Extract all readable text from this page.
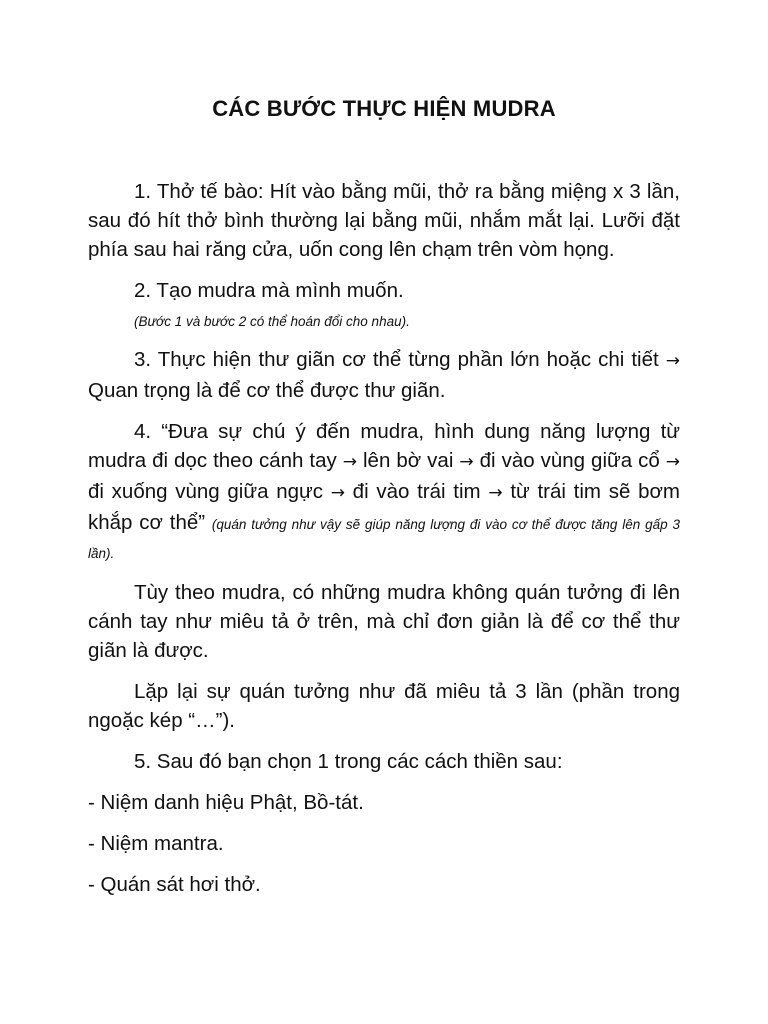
CÁC BƯỚC THỰC HIỆN MUDRA

1. Thở tế bào: Hít vào bằng mũi, thở ra bằng miệng x 3 lần, sau đó hít thở bình thường lại bằng mũi, nhắm mắt lại. Lưỡi đặt phía sau hai răng cửa, uốn cong lên chạm trên vòm họng.

2. Tạo mudra mà mình muốn.

(Bước 1 và bước 2 có thể hoán đổi cho nhau).

3. Thực hiện thư giãn cơ thể từng phần lớn hoặc chi tiết → Quan trọng là để cơ thể được thư giãn.

4. “Đưa sự chú ý đến mudra, hình dung năng lượng từ mudra đi dọc theo cánh tay → lên bờ vai → đi vào vùng giữa cổ → đi xuống vùng giữa ngực → đi vào trái tim → từ trái tim sẽ bơm khắp cơ thể” (quán tưởng như vậy sẽ giúp năng lượng đi vào cơ thể được tăng lên gấp 3 lần).

Tùy theo mudra, có những mudra không quán tưởng đi lên cánh tay như miêu tả ở trên, mà chỉ đơn giản là để cơ thể thư giãn là được.

Lặp lại sự quán tưởng như đã miêu tả 3 lần (phần trong ngoặc kép “…”).

5. Sau đó bạn chọn 1 trong các cách thiền sau:

- Niệm danh hiệu Phật, Bồ-tát.

- Niệm mantra.

- Quán sát hơi thở.
